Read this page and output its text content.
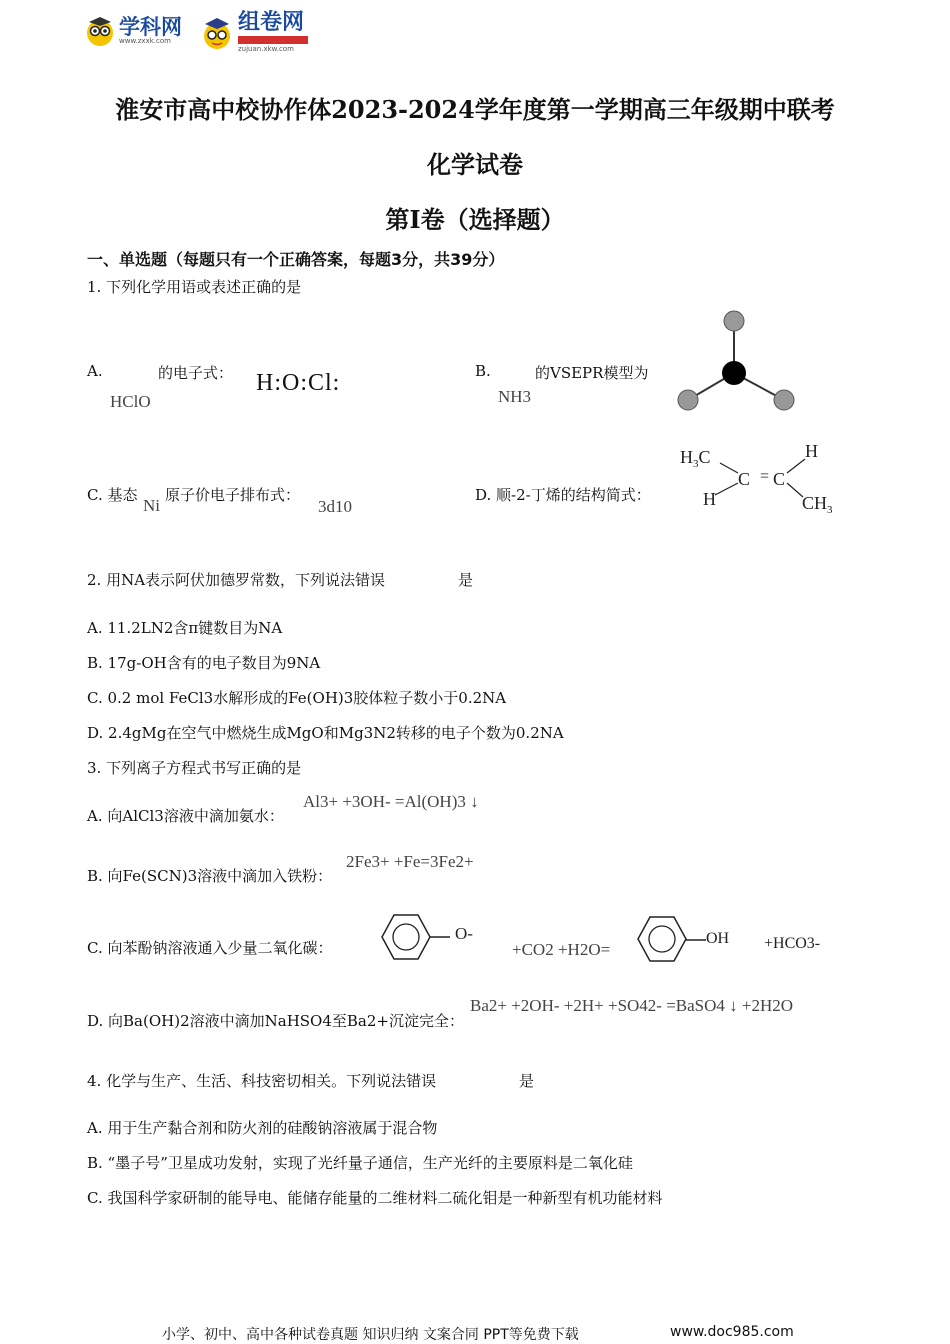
学科网
www.zxxk.com
组卷网
zujuan.xkw.com
淮安市高中校协作体2023-2024学年度第一学期高三年级期中联考
化学试卷
第Ⅰ卷（选择题）
一、单选题（每题只有一个正确答案，每题3分，共39分）
1. 下列化学用语或表述正确的是
A.	的电子式：
HClO
H:O:Cl:	B.	的VSEPR模型为
NH3
C. 基态
Ni
原子价电子排布式：
3d10
D. 顺-2-丁烯的结构简式：
$H_3C$	H
C = C
H	$CH_3$
2. 用NA表示阿伏加德罗常数，下列说法错误	是
A. 11.2LN2含π键数目为NA
B. 17g-OH含有的电子数目为9NA
C. 0.2 mol FeCl3水解形成的Fe(OH)3胶体粒子数小于0.2NA
D. 2.4gMg在空气中燃烧生成MgO和Mg3N2转移的电子个数为0.2NA
3. 下列离子方程式书写正确的是
A. 向AlCl3溶液中滴加氨水：
Al3+ +3OH- =Al(OH)3 ↓
B. 向Fe(SCN)3溶液中滴加入铁粉：
2Fe3+ +Fe=3Fe2+
C. 向苯酚钠溶液通入少量二氧化碳：
O-
+CO2 +H2O=
OH +HCO3-
D. 向Ba(OH)2溶液中滴加NaHSO4至Ba2+沉淀完全：
Ba2+ +2OH- +2H+ +SO42- =BaSO4 ↓ +2H2O
4. 化学与生产、生活、科技密切相关。下列说法错误	是
A. 用于生产黏合剂和防火剂的硅酸钠溶液属于混合物
B. “墨子号”卫星成功发射，实现了光纤量子通信，生产光纤的主要原料是二氧化硅
C. 我国科学家研制的能导电、能储存能量的二维材料二硫化钼是一种新型有机功能材料
小学、初中、高中各种试卷真题 知识归纳 文案合同 PPT等免费下载	www.doc985.com
